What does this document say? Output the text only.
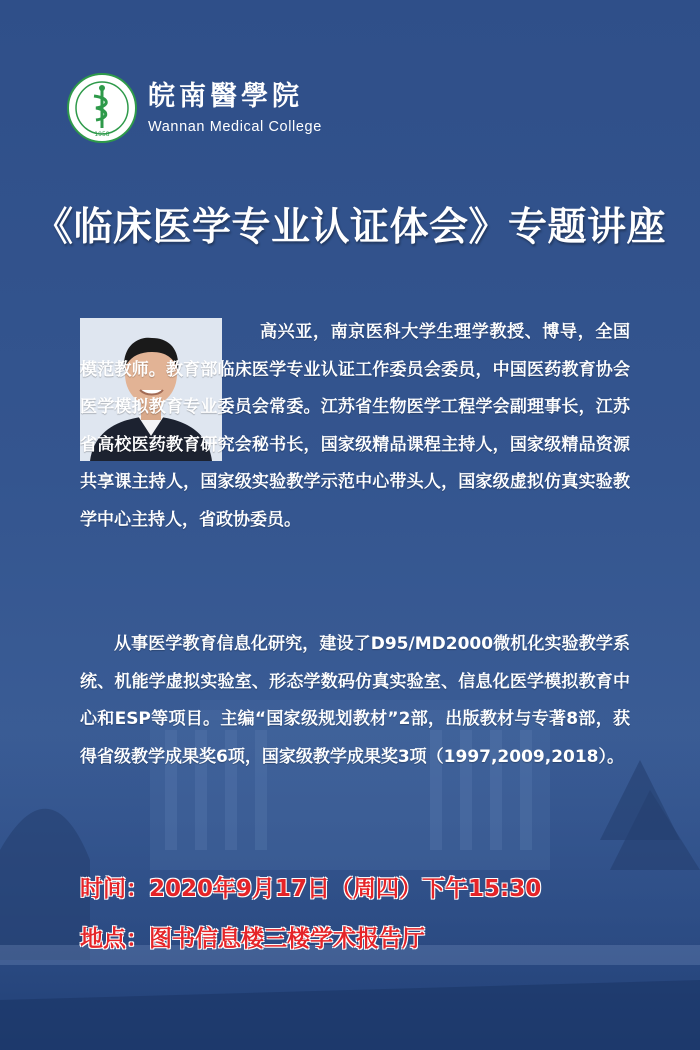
1958
皖南醫學院
Wannan Medical College
《临床医学专业认证体会》专题讲座
高兴亚，南京医科大学生理学教授、博导，全国模范教师。教育部临床医学专业认证工作委员会委员，中国医药教育协会医学模拟教育专业委员会常委。江苏省生物医学工程学会副理事长，江苏省高校医药教育研究会秘书长，国家级精品课程主持人，国家级精品资源共享课主持人，国家级实验教学示范中心带头人，国家级虚拟仿真实验教学中心主持人，省政协委员。
从事医学教育信息化研究，建设了D95/MD2000微机化实验教学系统、机能学虚拟实验室、形态学数码仿真实验室、信息化医学模拟教育中心和ESP等项目。主编“国家级规划教材”2部，出版教材与专著8部，获得省级教学成果奖6项，国家级教学成果奖3项（1997,2009,2018）。
时间：2020年9月17日（周四）下午15:30
地点：图书信息楼三楼学术报告厅
